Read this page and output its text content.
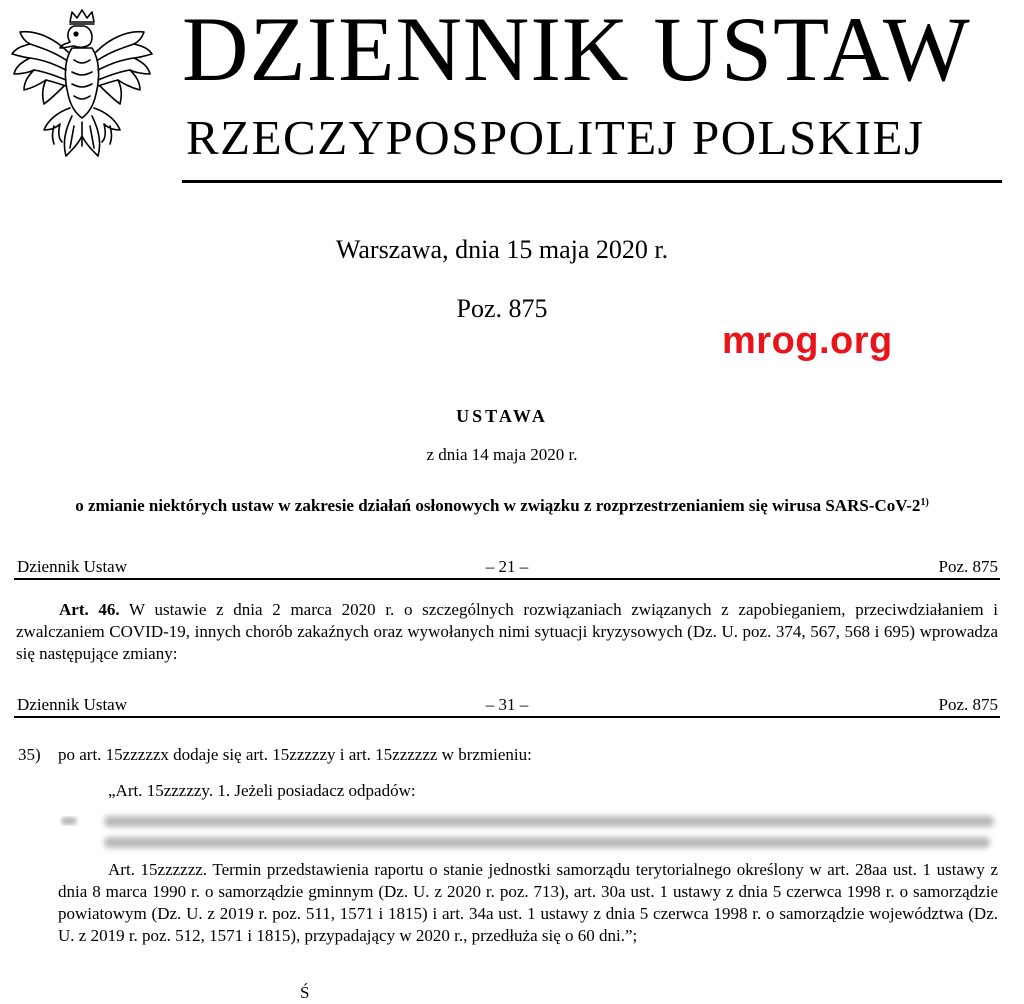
DZIENNIK USTAW
RZECZYPOSPOLITEJ POLSKIEJ
Warszawa, dnia 15 maja 2020 r.
Poz. 875
mrog.org
USTAWA
z dnia 14 maja 2020 r.
o zmianie niektórych ustaw w zakresie działań osłonowych w związku z rozprzestrzenianiem się wirusa SARS-CoV-2$^{1)}$
Dziennik Ustaw	– 21 –	Poz. 875
Art. 46. W ustawie z dnia 2 marca 2020 r. o szczególnych rozwiązaniach związanych z zapobieganiem, przeciwdziałaniem i zwalczaniem COVID-19, innych chorób zakaźnych oraz wywołanych nimi sytuacji kryzysowych (Dz. U. poz. 374, 567, 568 i 695) wprowadza się następujące zmiany:
Dziennik Ustaw	– 31 –	Poz. 875
35) po art. 15zzzzzx dodaje się art. 15zzzzzy i art. 15zzzzzz w brzmieniu:
„Art. 15zzzzzy. 1. Jeżeli posiadacz odpadów:
Art. 15zzzzzz. Termin przedstawienia raportu o stanie jednostki samorządu terytorialnego określony w art. 28aa ust. 1 ustawy z dnia 8 marca 1990 r. o samorządzie gminnym (Dz. U. z 2020 r. poz. 713), art. 30a ust. 1 ustawy z dnia 5 czerwca 1998 r. o samorządzie powiatowym (Dz. U. z 2019 r. poz. 511, 1571 i 1815) i art. 34a ust. 1 ustawy z dnia 5 czerwca 1998 r. o samorządzie województwa (Dz. U. z 2019 r. poz. 512, 1571 i 1815), przypadający w 2020 r., przedłuża się o 60 dni.”;
Ś
